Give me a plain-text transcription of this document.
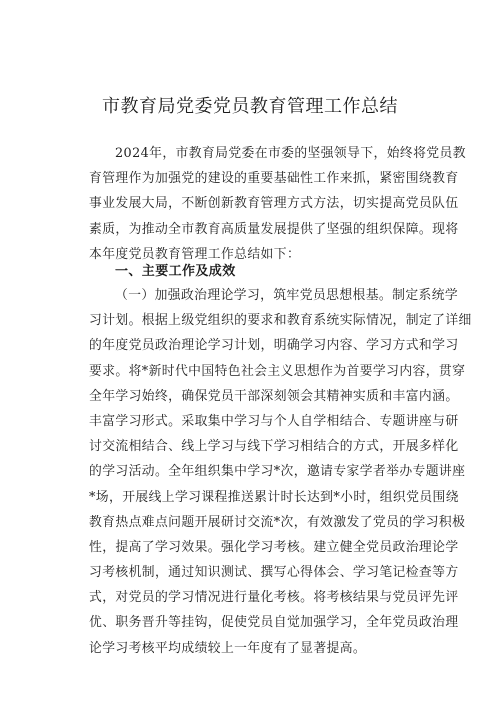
市教育局党委党员教育管理工作总结
2024年，市教育局党委在市委的坚强领导下，始终将党员教
育管理作为加强党的建设的重要基础性工作来抓，紧密围绕教育
事业发展大局，不断创新教育管理方式方法，切实提高党员队伍
素质，为推动全市教育高质量发展提供了坚强的组织保障。现将
本年度党员教育管理工作总结如下：
一、主要工作及成效
（一）加强政治理论学习，筑牢党员思想根基。制定系统学
习计划。根据上级党组织的要求和教育系统实际情况，制定了详细
的年度党员政治理论学习计划，明确学习内容、学习方式和学习
要求。将*新时代中国特色社会主义思想作为首要学习内容，贯穿
全年学习始终，确保党员干部深刻领会其精神实质和丰富内涵。
丰富学习形式。采取集中学习与个人自学相结合、专题讲座与研
讨交流相结合、线上学习与线下学习相结合的方式，开展多样化
的学习活动。全年组织集中学习*次，邀请专家学者举办专题讲座
*场，开展线上学习课程推送累计时长达到*小时，组织党员围绕
教育热点难点问题开展研讨交流*次，有效激发了党员的学习积极
性，提高了学习效果。强化学习考核。建立健全党员政治理论学
习考核机制，通过知识测试、撰写心得体会、学习笔记检查等方
式，对党员的学习情况进行量化考核。将考核结果与党员评先评
优、职务晋升等挂钩，促使党员自觉加强学习，全年党员政治理
论学习考核平均成绩较上一年度有了显著提高。
